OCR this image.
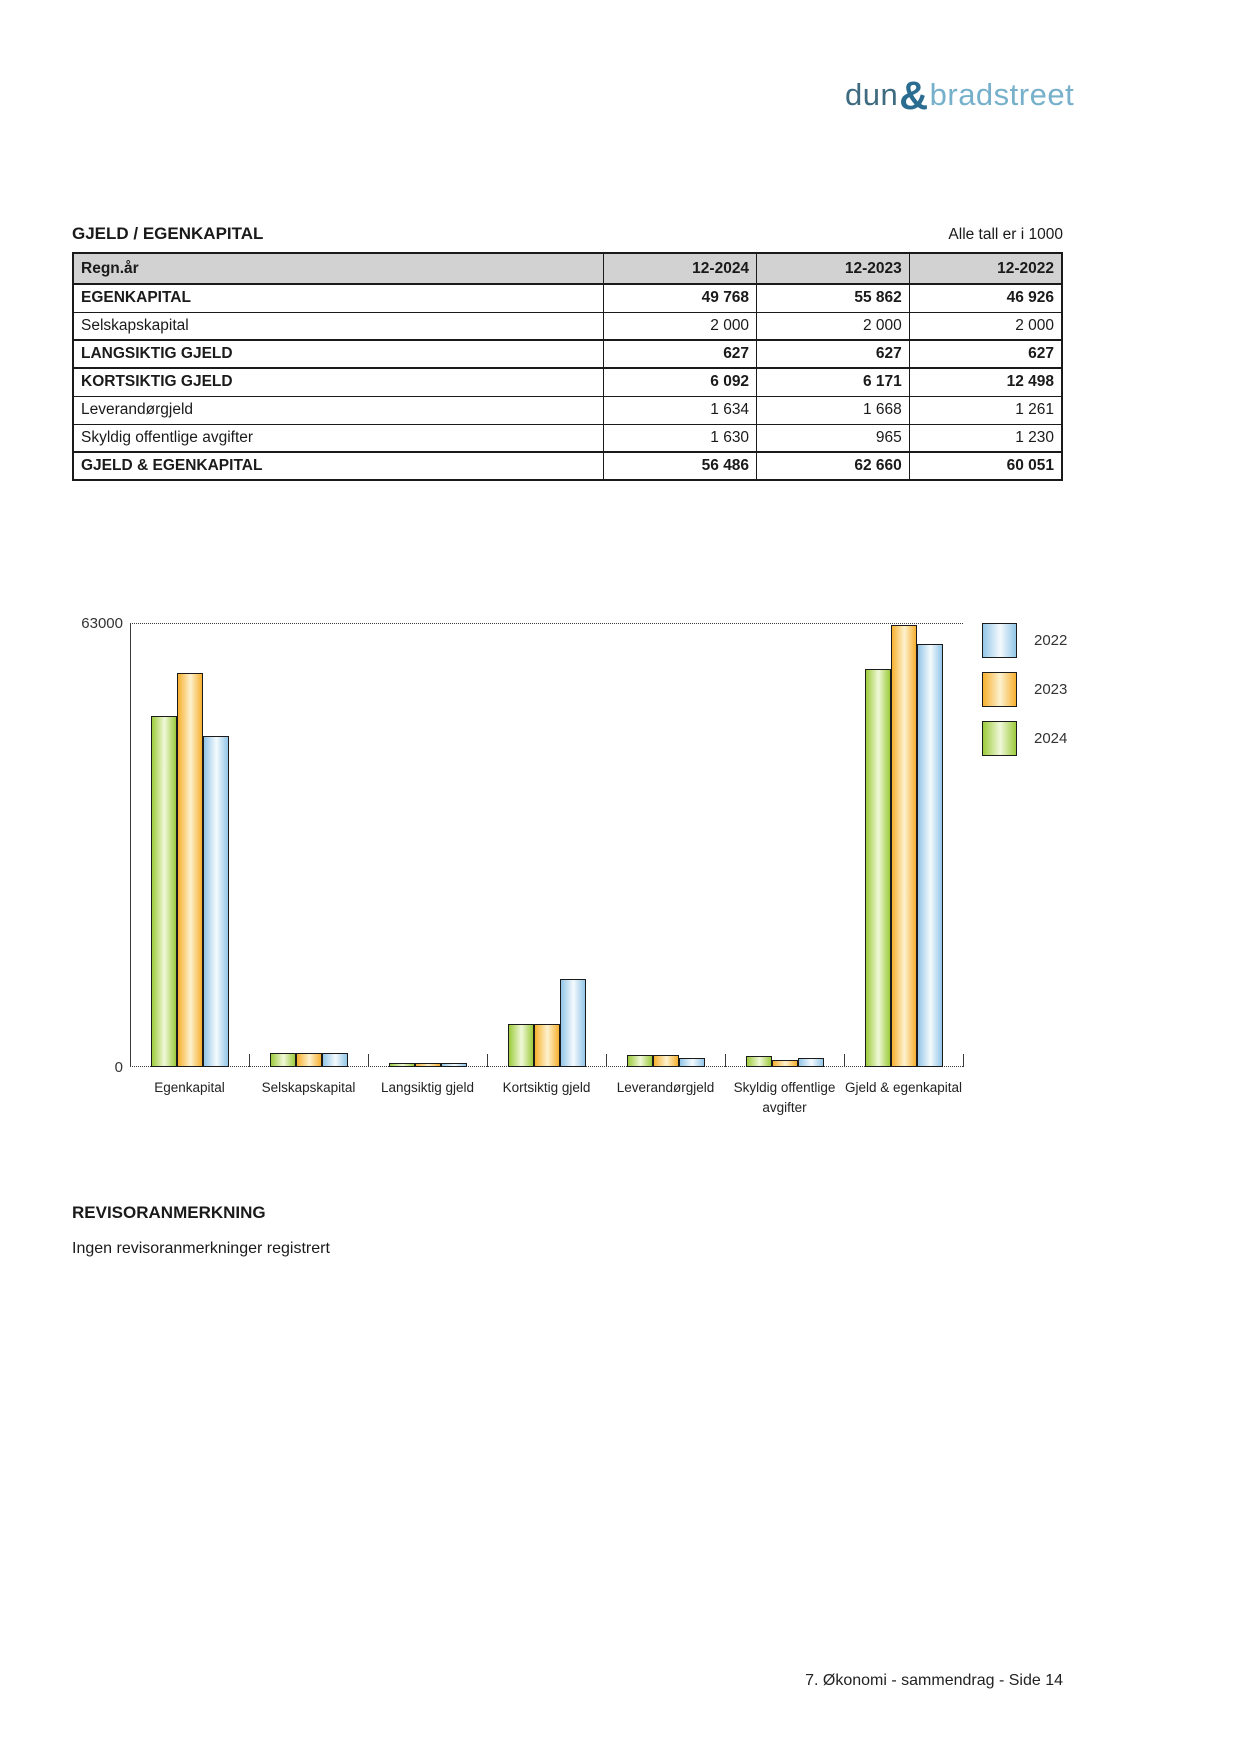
dun&bradstreet
GJELD / EGENKAPITAL	Alle tall er i 1000
Regn.år	12-2024	12-2023	12-2022
EGENKAPITAL	49 768	55 862	46 926
Selskapskapital	2 000	2 000	2 000
LANGSIKTIG GJELD	627	627	627
KORTSIKTIG GJELD	6 092	6 171	12 498
Leverandørgjeld	1 634	1 668	1 261
Skyldig offentlige avgifter	1 630	965	1 230
GJELD & EGENKAPITAL	56 486	62 660	60 051
63000
0
Egenkapital	Selskapskapital	Langsiktig gjeld	Kortsiktig gjeld	Leverandørgjeld	Skyldig offentlige avgifter
Gjeld & egenkapital
2022
2023
2024
REVISORANMERKNING
Ingen revisoranmerkninger registrert
7. Økonomi - sammendrag - Side 14
